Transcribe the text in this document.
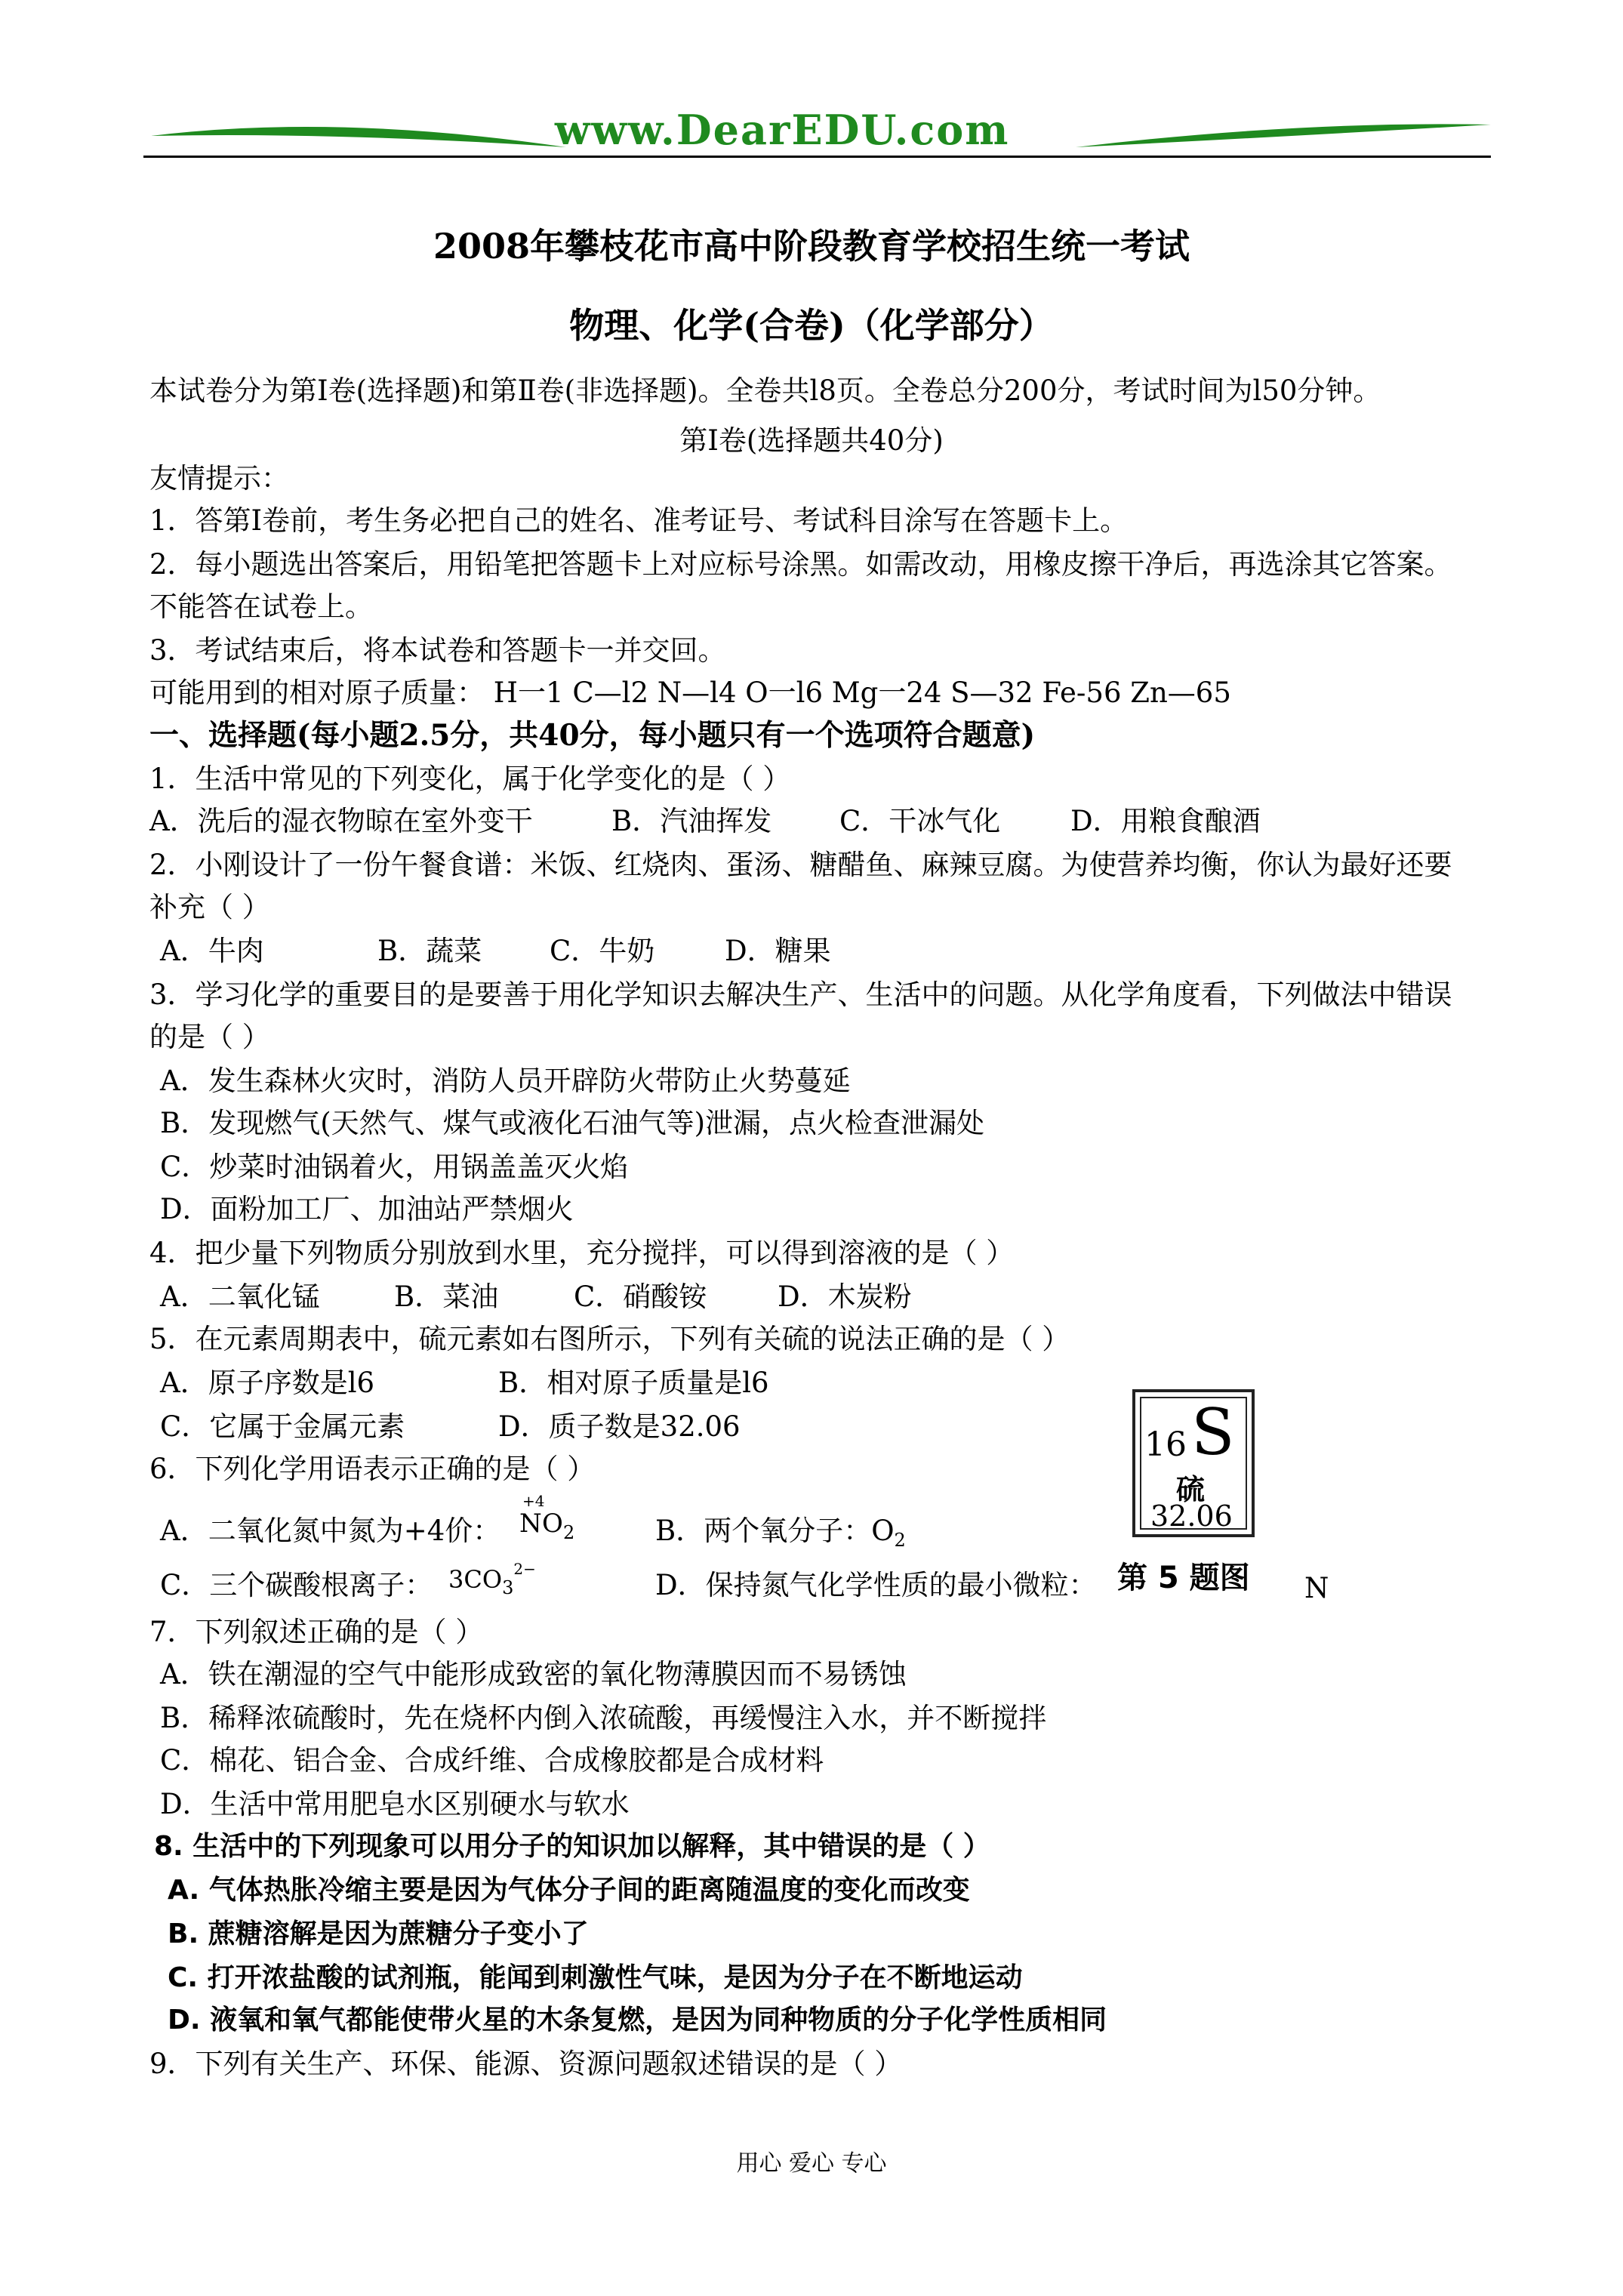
www.DearEDU.com
2008年攀枝花市高中阶段教育学校招生统一考试
物理、化学(合卷)（化学部分）
本试卷分为第Ⅰ卷(选择题)和第Ⅱ卷(非选择题)。全卷共l8页。全卷总分200分，考试时间为l50分钟。
第Ⅰ卷(选择题共40分)
友情提示：
1．答第Ⅰ卷前，考生务必把自己的姓名、准考证号、考试科目涂写在答题卡上。
2．每小题选出答案后，用铅笔把答题卡上对应标号涂黑。如需改动，用橡皮擦干净后，再选涂其它答案。
不能答在试卷上。
3．考试结束后，将本试卷和答题卡一并交回。
可能用到的相对原子质量： H一1 C—l2 N—l4 O一l6 Mg一24 S—32 Fe-56 Zn—65
一、选择题(每小题2.5分，共40分，每小题只有一个选项符合题意)
1．生活中常见的下列变化，属于化学变化的是（ ）
A．洗后的湿衣物晾在室外变干	B．汽油挥发 C．干冰气化	D．用粮食酿酒
2．小刚设计了一份午餐食谱：米饭、红烧肉、蛋汤、糖醋鱼、麻辣豆腐。为使营养均衡，你认为最好还要
补充（ ）
A．牛肉	B．蔬菜 C．牛奶	D．糖果
3．学习化学的重要目的是要善于用化学知识去解决生产、生活中的问题。从化学角度看，下列做法中错误
的是（ ）
A．发生森林火灾时，消防人员开辟防火带防止火势蔓延
B．发现燃气(天然气、煤气或液化石油气等)泄漏，点火检查泄漏处
C．炒菜时油锅着火，用锅盖盖灭火焰
D．面粉加工厂、加油站严禁烟火
4．把少量下列物质分别放到水里，充分搅拌，可以得到溶液的是（ ）
A．二氧化锰	B．菜油	C．硝酸铵	D．木炭粉
5．在元素周期表中，硫元素如右图所示，下列有关硫的说法正确的是（ ）
A．原子序数是l6	B．相对原子质量是l6
C．它属于金属元素	D．质子数是32.06	16 S
硫
32.06
第 5 题图
6．下列化学用语表示正确的是（ ）
A．二氧化氮中氮为+4价：
+4
N O 2	B．两个氧分子：$O_2$
C．三个碳酸根离子： $3CO_3^{2-}$	D．保持氮气化学性质的最小微粒：	N
7．下列叙述正确的是（ ）
A．铁在潮湿的空气中能形成致密的氧化物薄膜因而不易锈蚀
B．稀释浓硫酸时，先在烧杯内倒入浓硫酸，再缓慢注入水，并不断搅拌
C．棉花、铝合金、合成纤维、合成橡胶都是合成材料
D．生活中常用肥皂水区别硬水与软水
8. 生活中的下列现象可以用分子的知识加以解释，其中错误的是（ ）
A. 气体热胀冷缩主要是因为气体分子间的距离随温度的变化而改变
B. 蔗糖溶解是因为蔗糖分子变小了
C. 打开浓盐酸的试剂瓶，能闻到刺激性气味，是因为分子在不断地运动
D. 液氧和氧气都能使带火星的木条复燃，是因为同种物质的分子化学性质相同
9．下列有关生产、环保、能源、资源问题叙述错误的是（ ）
用心 爱心 专心
